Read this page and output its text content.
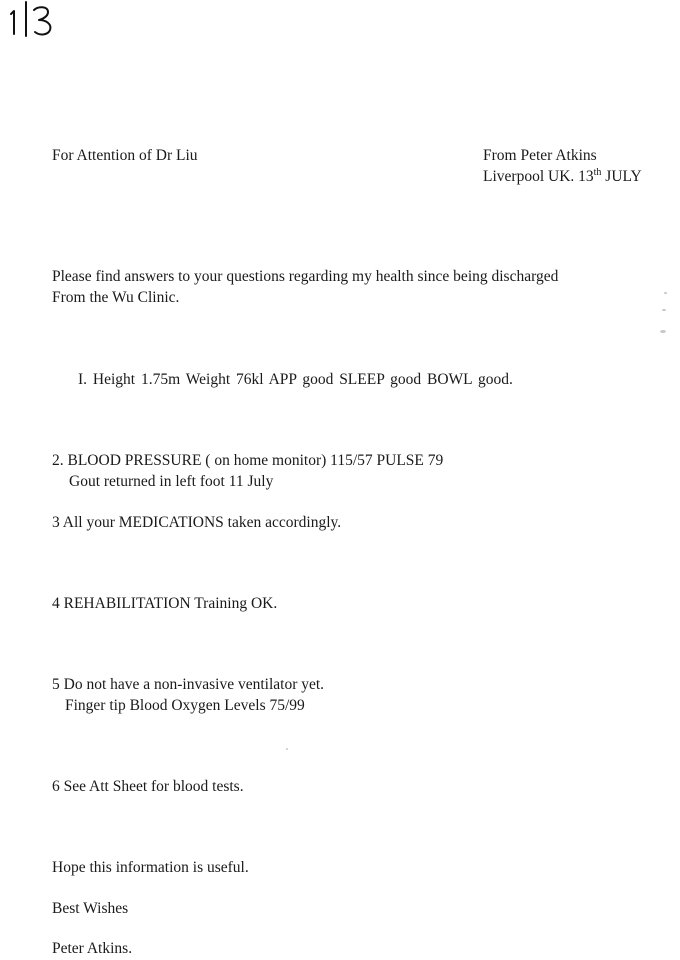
For Attention of Dr Liu	From Peter Atkins
Liverpool UK. 13th JULY
Please find answers to your questions regarding my health since being discharged
From the Wu Clinic.
I. Height 1.75m Weight 76kl APP good SLEEP good BOWL good.
2. BLOOD PRESSURE ( on home monitor) 115/57 PULSE 79
Gout returned in left foot 11 July
3 All your MEDICATIONS taken accordingly.
4 REHABILITATION Training OK.
5 Do not have a non-invasive ventilator yet.
Finger tip Blood Oxygen Levels 75/99
6 See Att Sheet for blood tests.
Hope this information is useful.
Best Wishes
Peter Atkins.
